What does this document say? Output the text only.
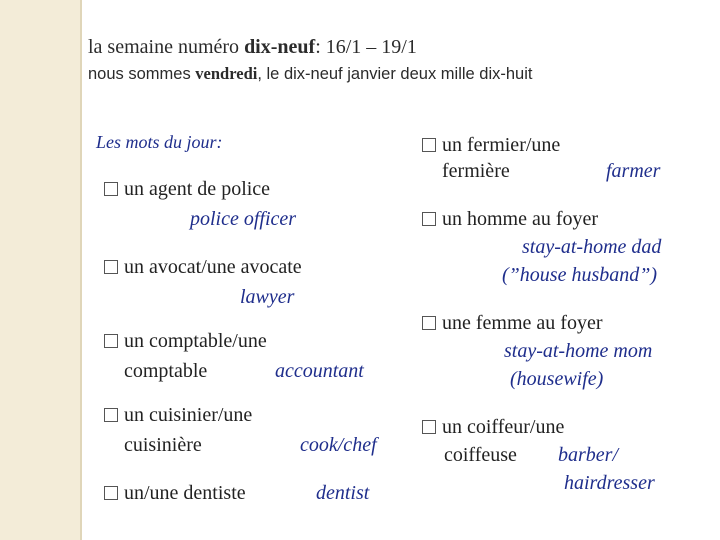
la semaine numéro dix-neuf: 16/1 – 19/1
nous sommes vendredi, le dix-neuf janvier deux mille dix-huit
Les mots du jour:
un agent de police
police officer
un avocat/une avocate
lawyer
un comptable/une
comptable	accountant
un cuisinier/une
cuisinière	cook/chef
un/une dentiste	dentist
un fermier/une
fermière	farmer
un homme au foyer
stay-at-home dad
(”house husband”)
une femme au foyer
stay-at-home mom
(housewife)
un coiffeur/une
coiffeuse barber/
hairdresser
